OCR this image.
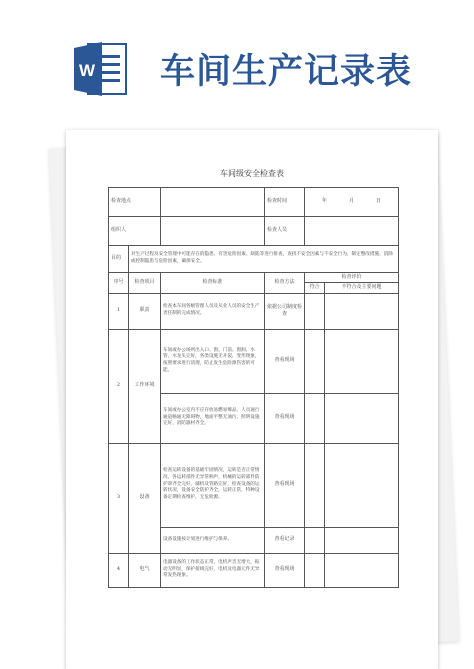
W 车间生产记录表
车间级安全检查表
检查地点			检查时间	年 月 日	

组织人			检查人员		
目的	对生产过程及安全管理中可能存在的隐患、有害危险因素、缺陷等进行排查，查找不安全因素与不安全行为，制定整改措施、消除或控制隐患与危险因素，确保安全。				
序号	检查项目	检查标准	检查方法	检查评价	
				符合	不符合及主要问题
1	职责	检查本车间各级管理人员及从业人员的安全生产责任制的完成情况。	依据公司制度检查		
2	工作环境	车间或办公场所出入口、窗、门前、窗洞、水管、水龙头完好，各类设施无开裂、变形现象，按照要求进行清理，防止发生危险源伤害的可能。	查看现场		
		车间或办公室内不应存放易燃易爆品，人员通行通道畅通无障碍物，地面平整无油污，照明设施完好，消防器材齐全。	查看现场		
3	设备	检查运转设备的基础牢固情况，运转是否正常情况，各运转部件无异常响声，机械的运转部件防护罩齐全完好，辅机及管路完好，检查设备的运转状况，设备安全防护齐全，运转正常，特种设备定期检查维护，无危险源。	查看现场		
		设备设施按计划进行维护与保养。	查看记录		
4	电气	电器设备的工作状态正常，电机声音无增大，振动无明显，保护接线完好，电机及电器元件无异常发热现象。	查看现场		
